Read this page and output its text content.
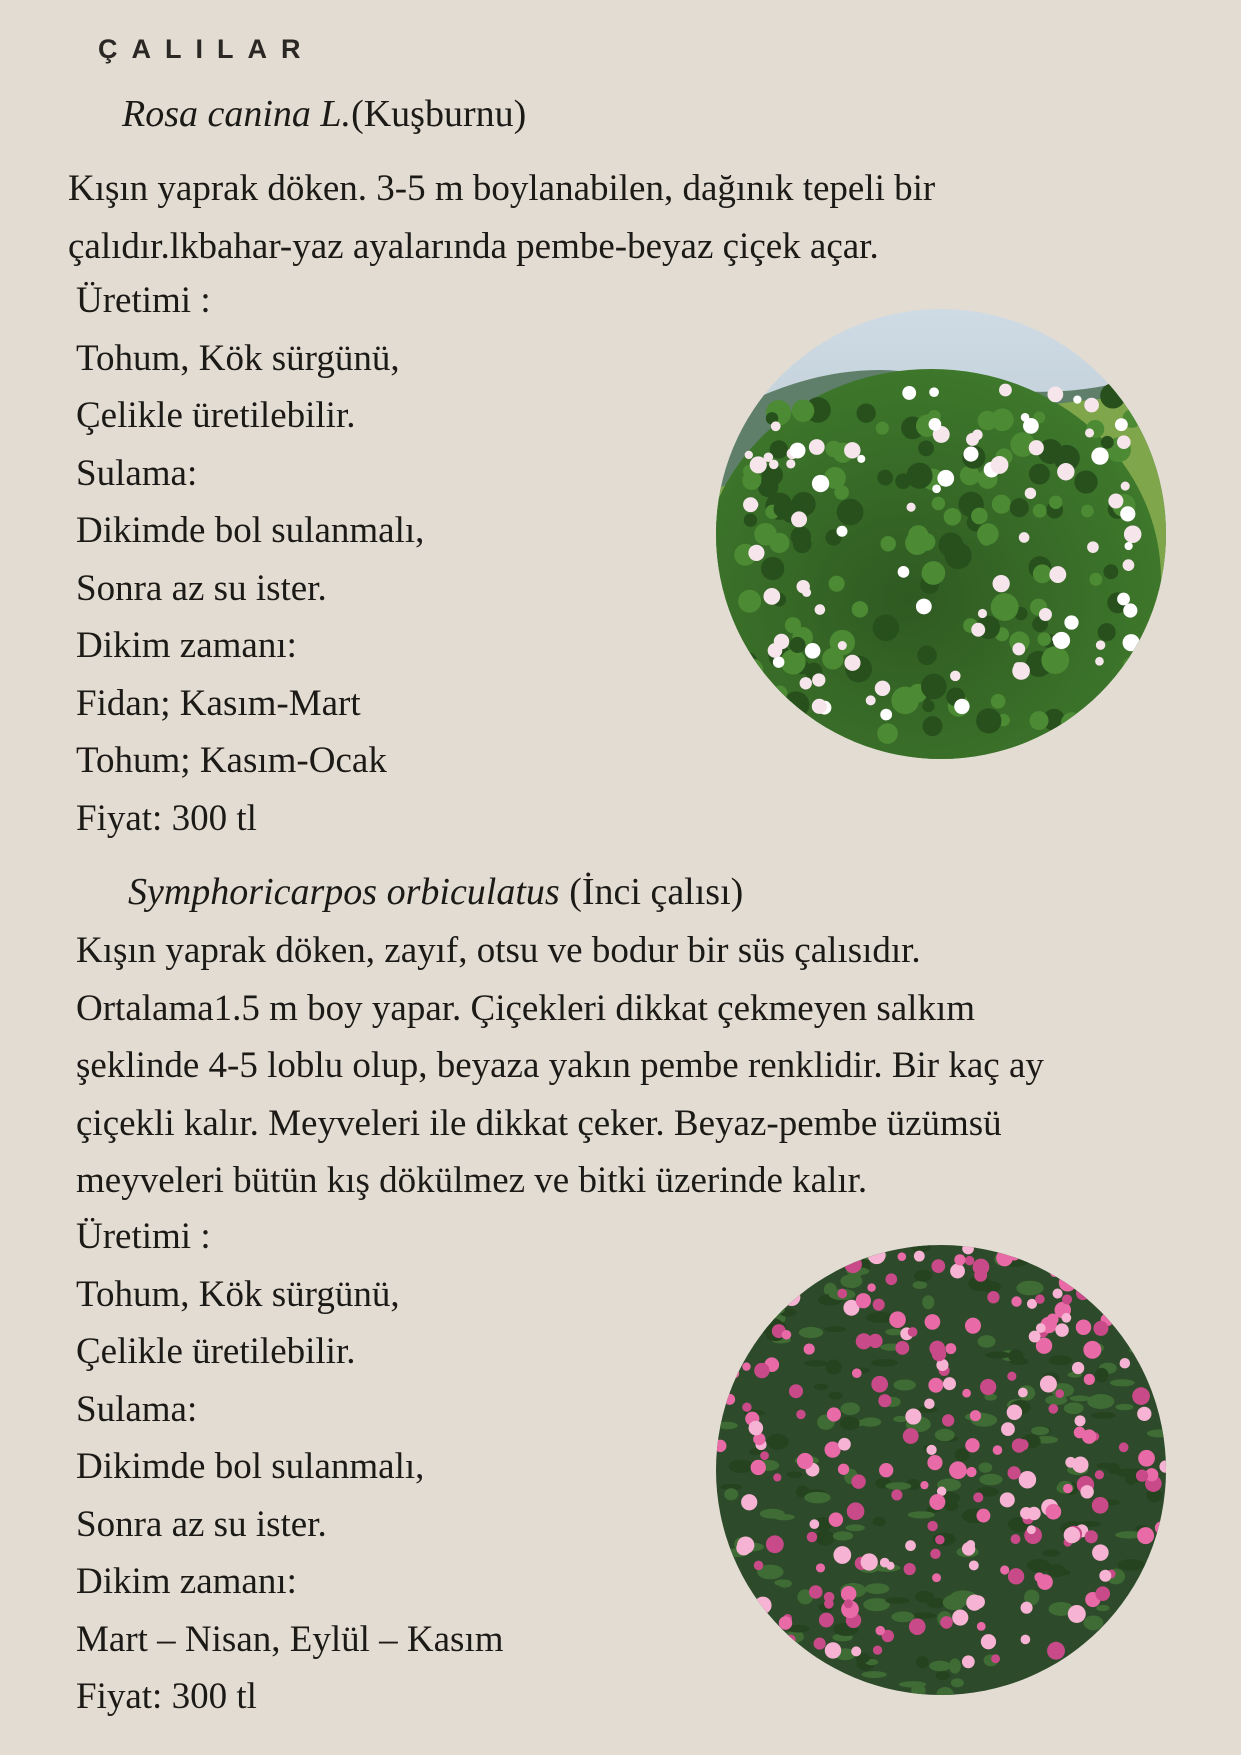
ÇALILAR
Rosa canina L.(Kuşburnu)
Kışın yaprak döken. 3-5 m boylanabilen, dağınık tepeli bir
çalıdır.lkbahar-yaz ayalarında pembe-beyaz çiçek açar.
Üretimi :
Tohum, Kök sürgünü,
Çelikle üretilebilir.
Sulama:
Dikimde bol sulanmalı,
Sonra az su ister.
Dikim zamanı:
Fidan; Kasım-Mart
Tohum; Kasım-Ocak
Fiyat: 300 tl
Symphoricarpos orbiculatus (İnci çalısı)
Kışın yaprak döken, zayıf, otsu ve bodur bir süs çalısıdır.
Ortalama1.5 m boy yapar. Çiçekleri dikkat çekmeyen salkım
şeklinde 4-5 loblu olup, beyaza yakın pembe renklidir. Bir kaç ay
çiçekli kalır. Meyveleri ile dikkat çeker. Beyaz-pembe üzümsü
meyveleri bütün kış dökülmez ve bitki üzerinde kalır.
Üretimi :
Tohum, Kök sürgünü,
Çelikle üretilebilir.
Sulama:
Dikimde bol sulanmalı,
Sonra az su ister.
Dikim zamanı:
Mart – Nisan, Eylül – Kasım
Fiyat: 300 tl
